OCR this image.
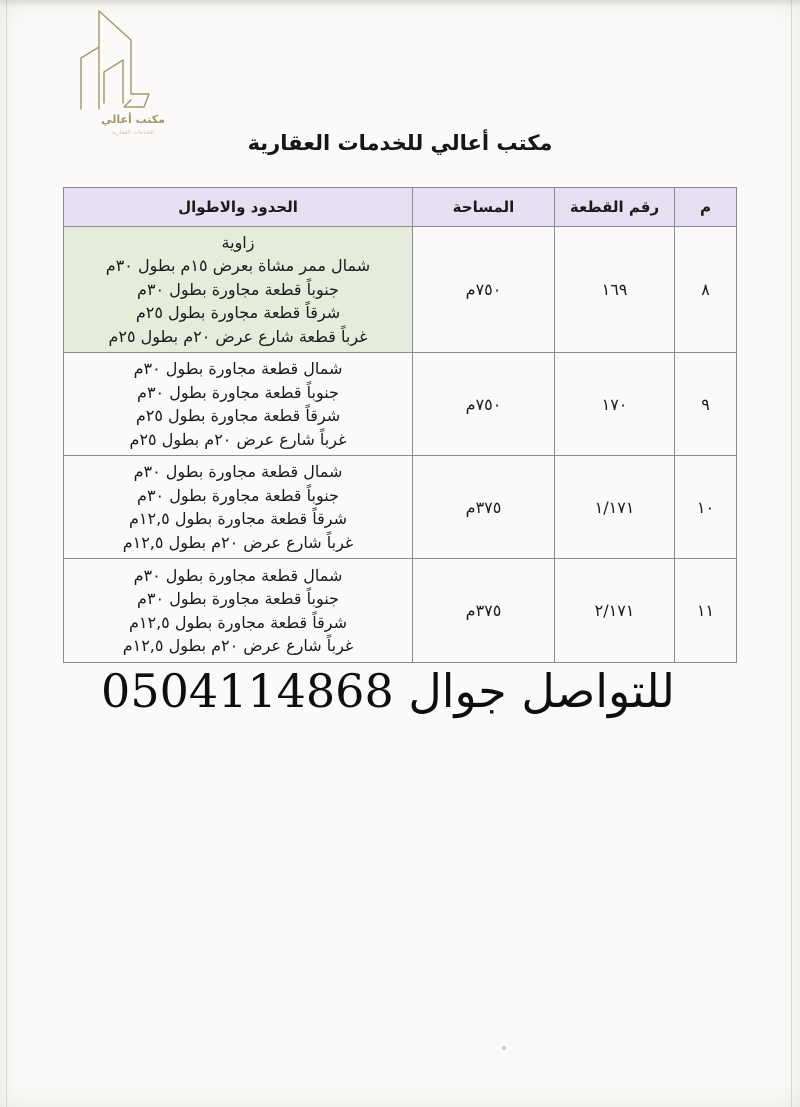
مكتب أعالي
للخدمات العقارية	مكتب أعالي للخدمات العقارية
م	رقم القطعة	المساحة	الحدود والاطوال
٨	١٦٩	٧٥٠م	زاوية
شمال ممر مشاة بعرض ١٥م بطول ٣٠م
جنوباً قطعة مجاورة بطول ٣٠م
شرقاً قطعة مجاورة بطول ٢٥م
غرباً قطعة شارع عرض ٢٠م بطول ٢٥م

٩	١٧٠	٧٥٠م	شمال قطعة مجاورة بطول ٣٠م
جنوباً قطعة مجاورة بطول ٣٠م
شرقاً قطعة مجاورة بطول ٢٥م
غرباً شارع عرض ٢٠م بطول ٢٥م

١٠	١/١٧١	٣٧٥م	شمال قطعة مجاورة بطول ٣٠م
جنوباً قطعة مجاورة بطول ٣٠م
شرقاً قطعة مجاورة بطول ١٢,٥م
غرباً شارع عرض ٢٠م بطول ١٢,٥م

١١	٢/١٧١	٣٧٥م	شمال قطعة مجاورة بطول ٣٠م
جنوباً قطعة مجاورة بطول ٣٠م
شرقاً قطعة مجاورة بطول ١٢,٥م
غرباً شارع عرض ٢٠م بطول ١٢,٥م
للتواصل جوال 0504114868
